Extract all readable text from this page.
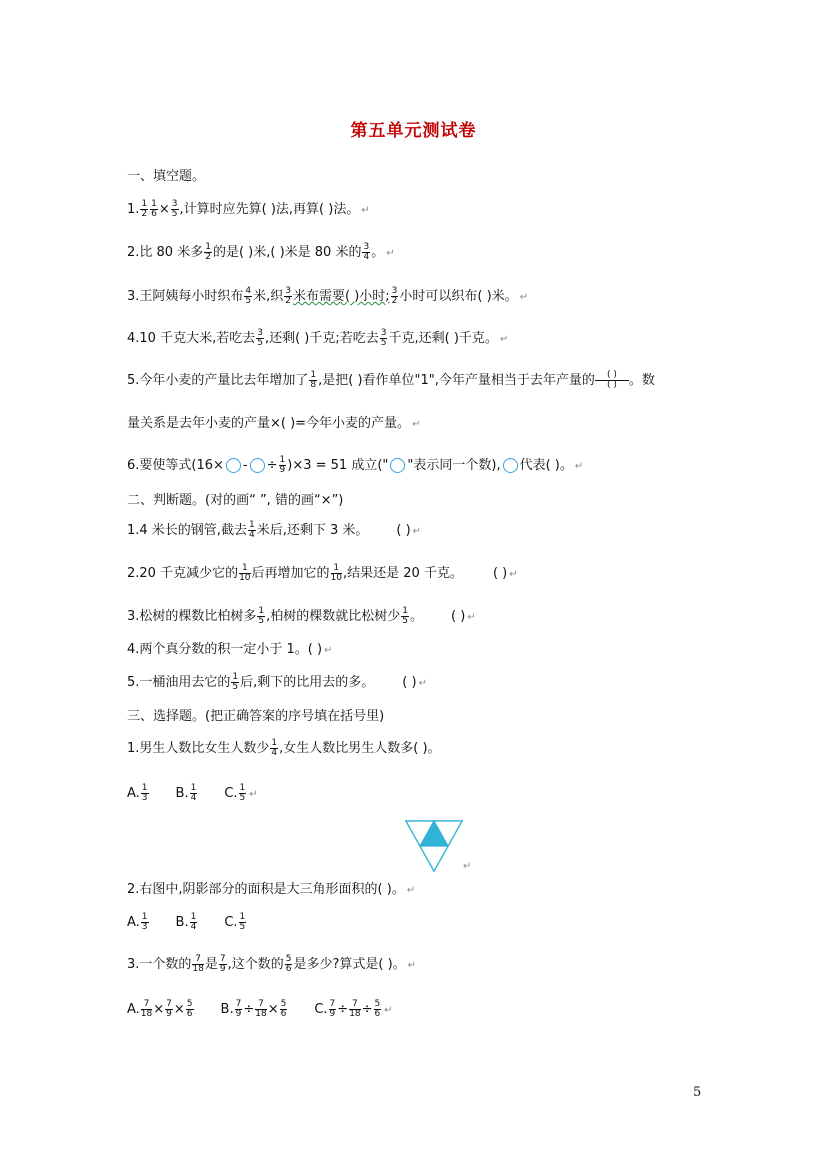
第五单元测试卷
一、填空题。
1. $\frac{1}{2} \frac{1}{6} \times \frac{3}{5}$ ,计算时应先算( )法,再算( )法。 ↵
2.比 80 米多 $\frac{1}{2}$ 的是( )米,( )米是 80 米的 $\frac{3}{4}$ 。 ↵
3.王阿姨每小时织布 $\frac{4}{5}$ 米,织 $\frac{3}{2}$ 米布需要( )小时; $\frac{3}{2}$ 小时可以织布( )米。 ↵
4.10 千克大米,若吃去 $\frac{3}{5}$ ,还剩( )千克;若吃去 $\frac{3}{5}$ 千克,还剩( )千克。 ↵
5.今年小麦的产量比去年增加了 $\frac{1}{8}$ ,是把( )看作单位"1",今年产量相当于去年产量的	( )
( ) 。数
量关系是去年小麦的产量×( )=今年小麦的产量。 ↵
6.要使等式(16× - ÷ $\frac{1}{9} )\times 3 = 51$ 成立(" "表示同一个数), 代表( )。 ↵
二、判断题。(对的画“ ”, 错的画“×”)
1.4 米长的钢管,截去 $\frac{1}{4}$ 米后,还剩下 3 米。 ( ) ↵
2.20 千克减少它的 $\frac{1}{10}$ 后再增加它的 $\frac{1}{10}$ ,结果还是 20 千克。 ( ) ↵
3.松树的棵数比柏树多 $\frac{1}{5}$ ,柏树的棵数就比松树少 $\frac{1}{5}$ 。 ( ) ↵
4.两个真分数的积一定小于 1。( ) ↵
5.一桶油用去它的 $\frac{1}{5}$ 后,剩下的比用去的多。 ( ) ↵
三、选择题。(把正确答案的序号填在括号里)
1.男生人数比女生人数少 $\frac{1}{4}$ ,女生人数比男生人数多( )。
A. $\frac{1}{3} B$. $\frac{1}{4} C$. $\frac{1}{5}$ ↵
↵
2.右图中,阴影部分的面积是大三角形面积的( )。 ↵
A. $\frac{1}{3} B$. $\frac{1}{4} C$. $\frac{1}{5}$
3.一个数的 $\frac{7}{18}$ 是 $\frac{7}{9}$ ,这个数的 $\frac{5}{6}$ 是多少?算式是( )。 ↵
A. $\frac{7}{18} \times \frac{7}{9} \times \frac{5}{6} B$. $\frac{7}{9} \div \frac{7}{18} \times \frac{5}{6} C$. $\frac{7}{9} \div \frac{7}{18} \div \frac{5}{6}$ ↵
5
